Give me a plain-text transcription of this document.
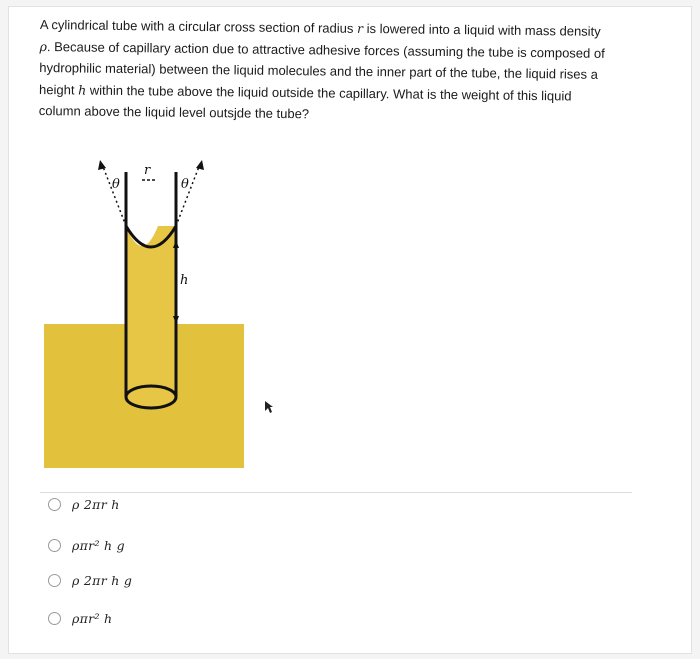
A cylindrical tube with a circular cross section of radius r is lowered into a liquid with mass density
ρ. Because of capillary action due to attractive adhesive forces (assuming the tube is composed of
hydrophilic material) between the liquid molecules and the inner part of the tube, the liquid rises a
height h within the tube above the liquid outside the capillary. What is the weight of this liquid
column above the liquid level outsjde the tube?
r
θ	θ
h
ρ 2πr h
ρπr² h g
ρ 2πr h g
ρπr² h
